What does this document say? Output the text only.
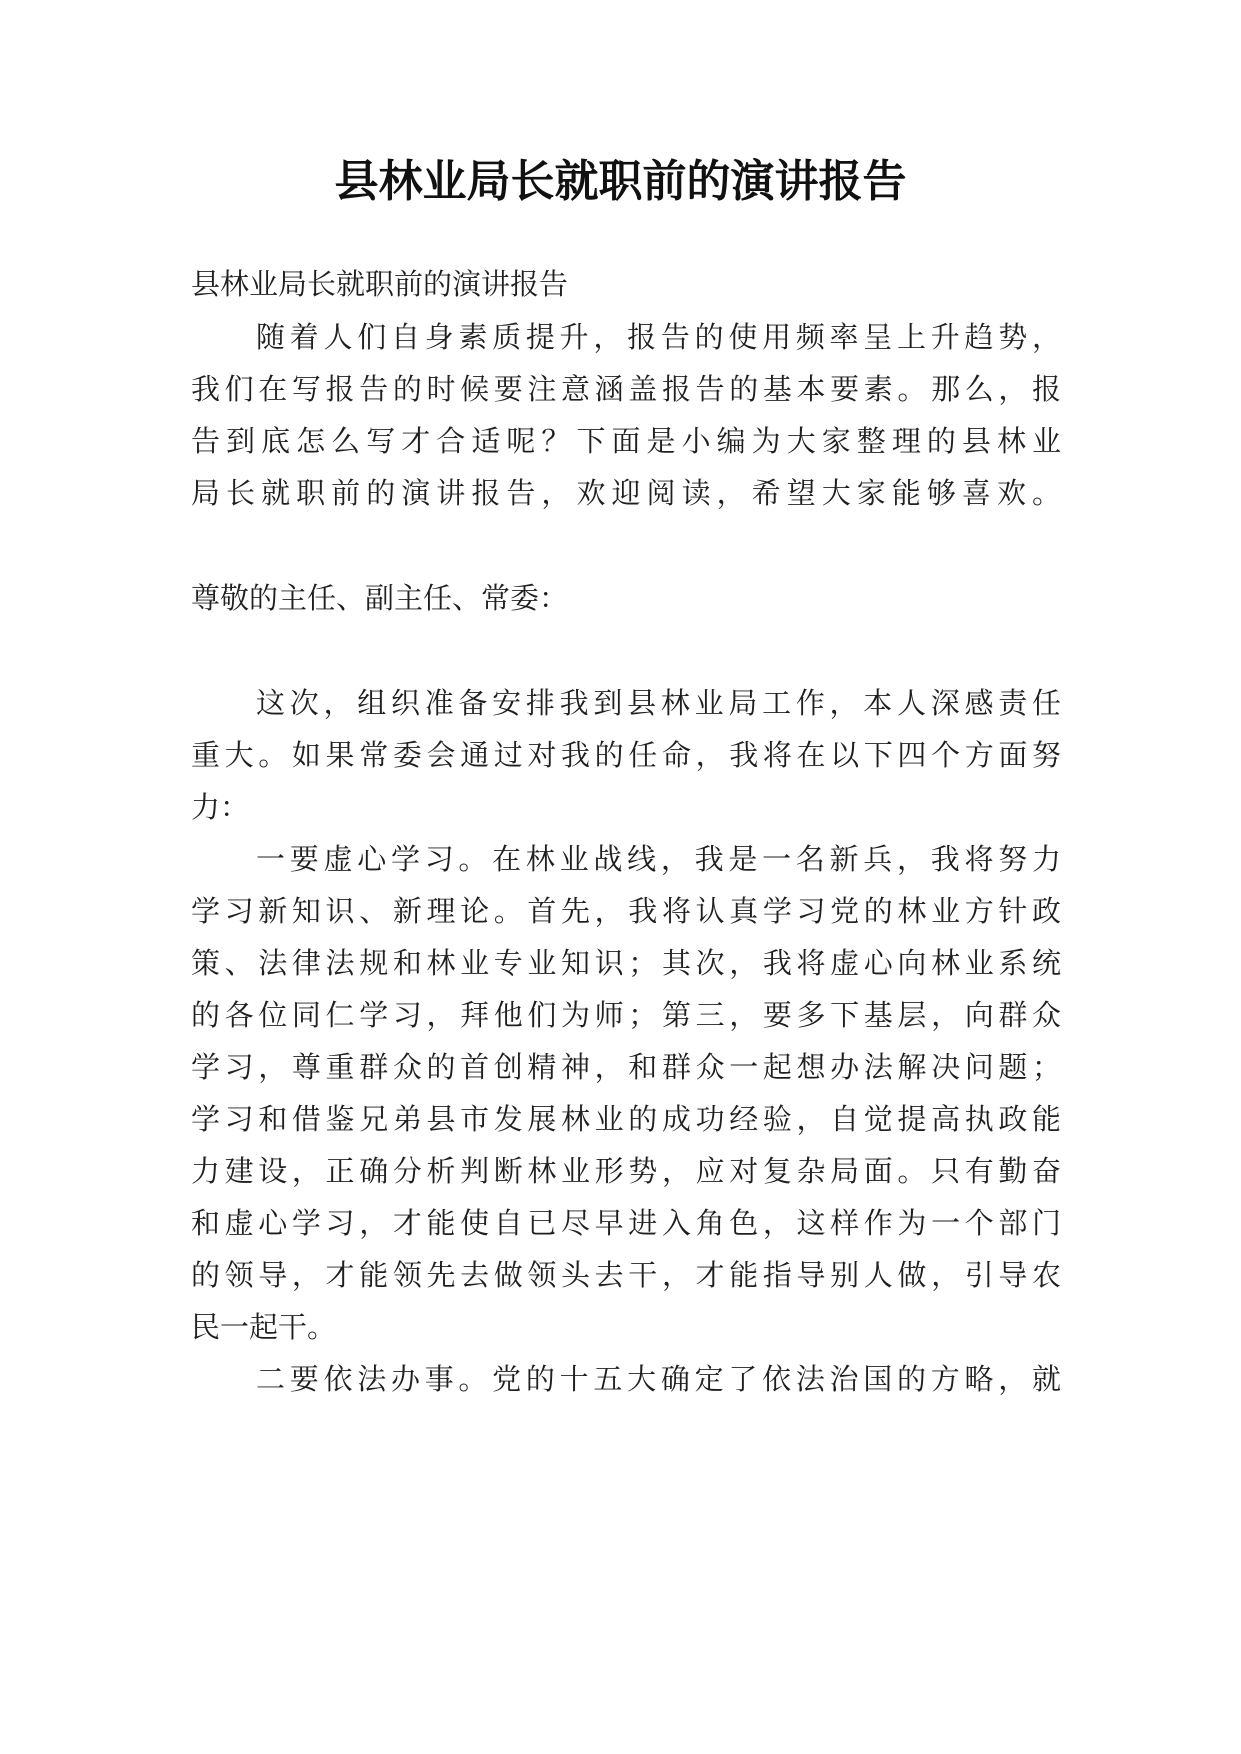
县林业局长就职前的演讲报告
县林业局长就职前的演讲报告
随着人们自身素质提升，报告的使用频率呈上升趋势，
我们在写报告的时候要注意涵盖报告的基本要素。那么，报
告到底怎么写才合适呢？下面是小编为大家整理的县林业
局长就职前的演讲报告，欢迎阅读，希望大家能够喜欢。
尊敬的主任、副主任、常委：
这次，组织准备安排我到县林业局工作，本人深感责任
重大。如果常委会通过对我的任命，我将在以下四个方面努
力：
一要虚心学习。在林业战线，我是一名新兵，我将努力
学习新知识、新理论。首先，我将认真学习党的林业方针政
策、法律法规和林业专业知识；其次，我将虚心向林业系统
的各位同仁学习，拜他们为师；第三，要多下基层，向群众
学习，尊重群众的首创精神，和群众一起想办法解决问题；
学习和借鉴兄弟县市发展林业的成功经验，自觉提高执政能
力建设，正确分析判断林业形势，应对复杂局面。只有勤奋
和虚心学习，才能使自已尽早进入角色，这样作为一个部门
的领导，才能领先去做领头去干，才能指导别人做，引导农
民一起干。
二要依法办事。党的十五大确定了依法治国的方略，就
